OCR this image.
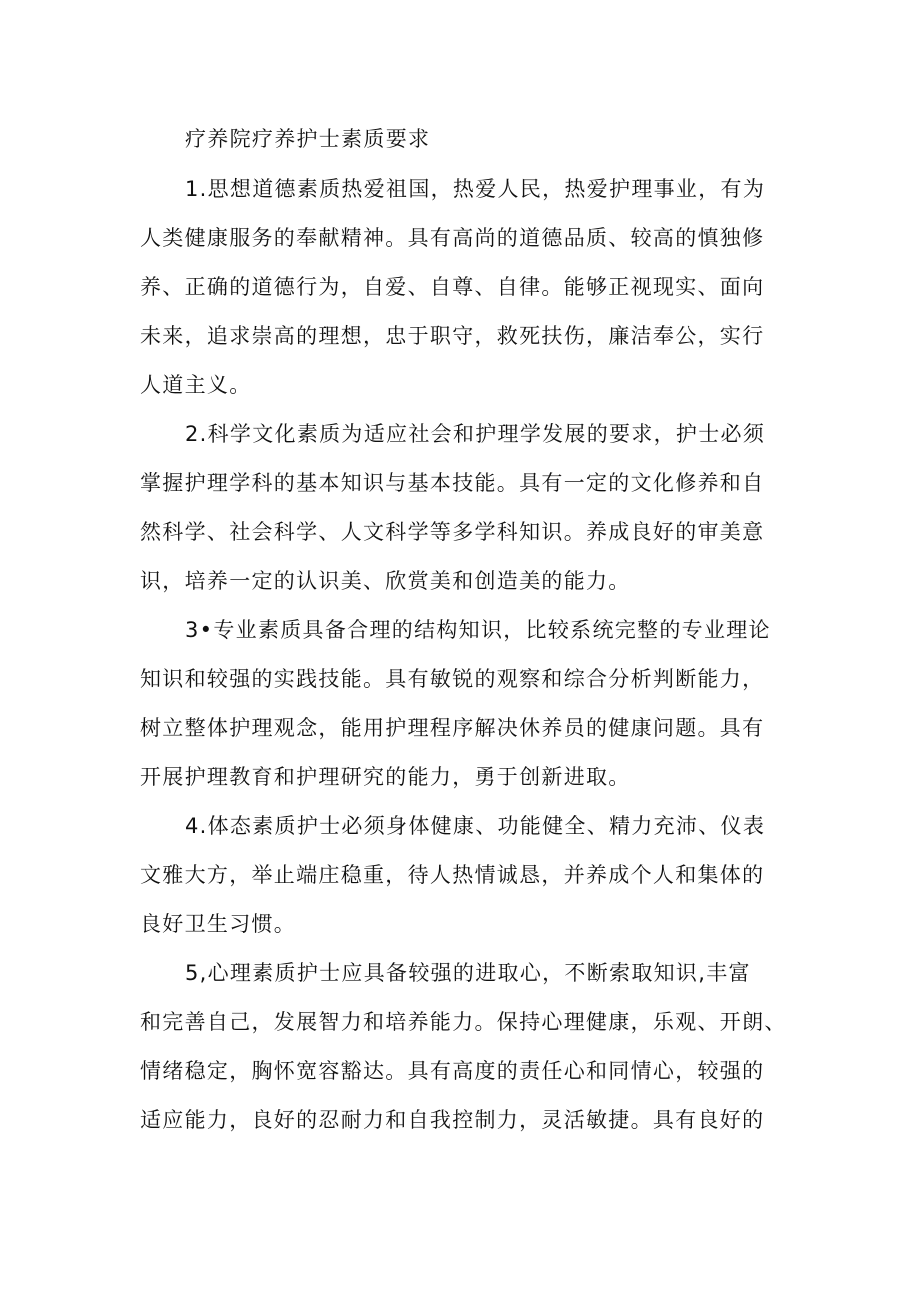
疗养院疗养护士素质要求
1.思想道德素质热爱祖国，热爱人民，热爱护理事业，有为
人类健康服务的奉献精神。具有高尚的道德品质、较高的慎独修
养、正确的道德行为，自爱、自尊、自律。能够正视现实、面向
未来，追求崇高的理想，忠于职守，救死扶伤，廉洁奉公，实行
人道主义。
2.科学文化素质为适应社会和护理学发展的要求，护士必须
掌握护理学科的基本知识与基本技能。具有一定的文化修养和自
然科学、社会科学、人文科学等多学科知识。养成良好的审美意
识，培养一定的认识美、欣赏美和创造美的能力。
3•专业素质具备合理的结构知识，比较系统完整的专业理论
知识和较强的实践技能。具有敏锐的观察和综合分析判断能力，
树立整体护理观念，能用护理程序解决休养员的健康问题。具有
开展护理教育和护理研究的能力，勇于创新进取。
4.体态素质护士必须身体健康、功能健全、精力充沛、仪表
文雅大方，举止端庄稳重，待人热情诚恳，并养成个人和集体的
良好卫生习惯。
5,心理素质护士应具备较强的进取心，不断索取知识,丰富
和完善自己，发展智力和培养能力。保持心理健康，乐观、开朗、
情绪稳定，胸怀宽容豁达。具有高度的责任心和同情心，较强的
适应能力，良好的忍耐力和自我控制力，灵活敏捷。具有良好的
